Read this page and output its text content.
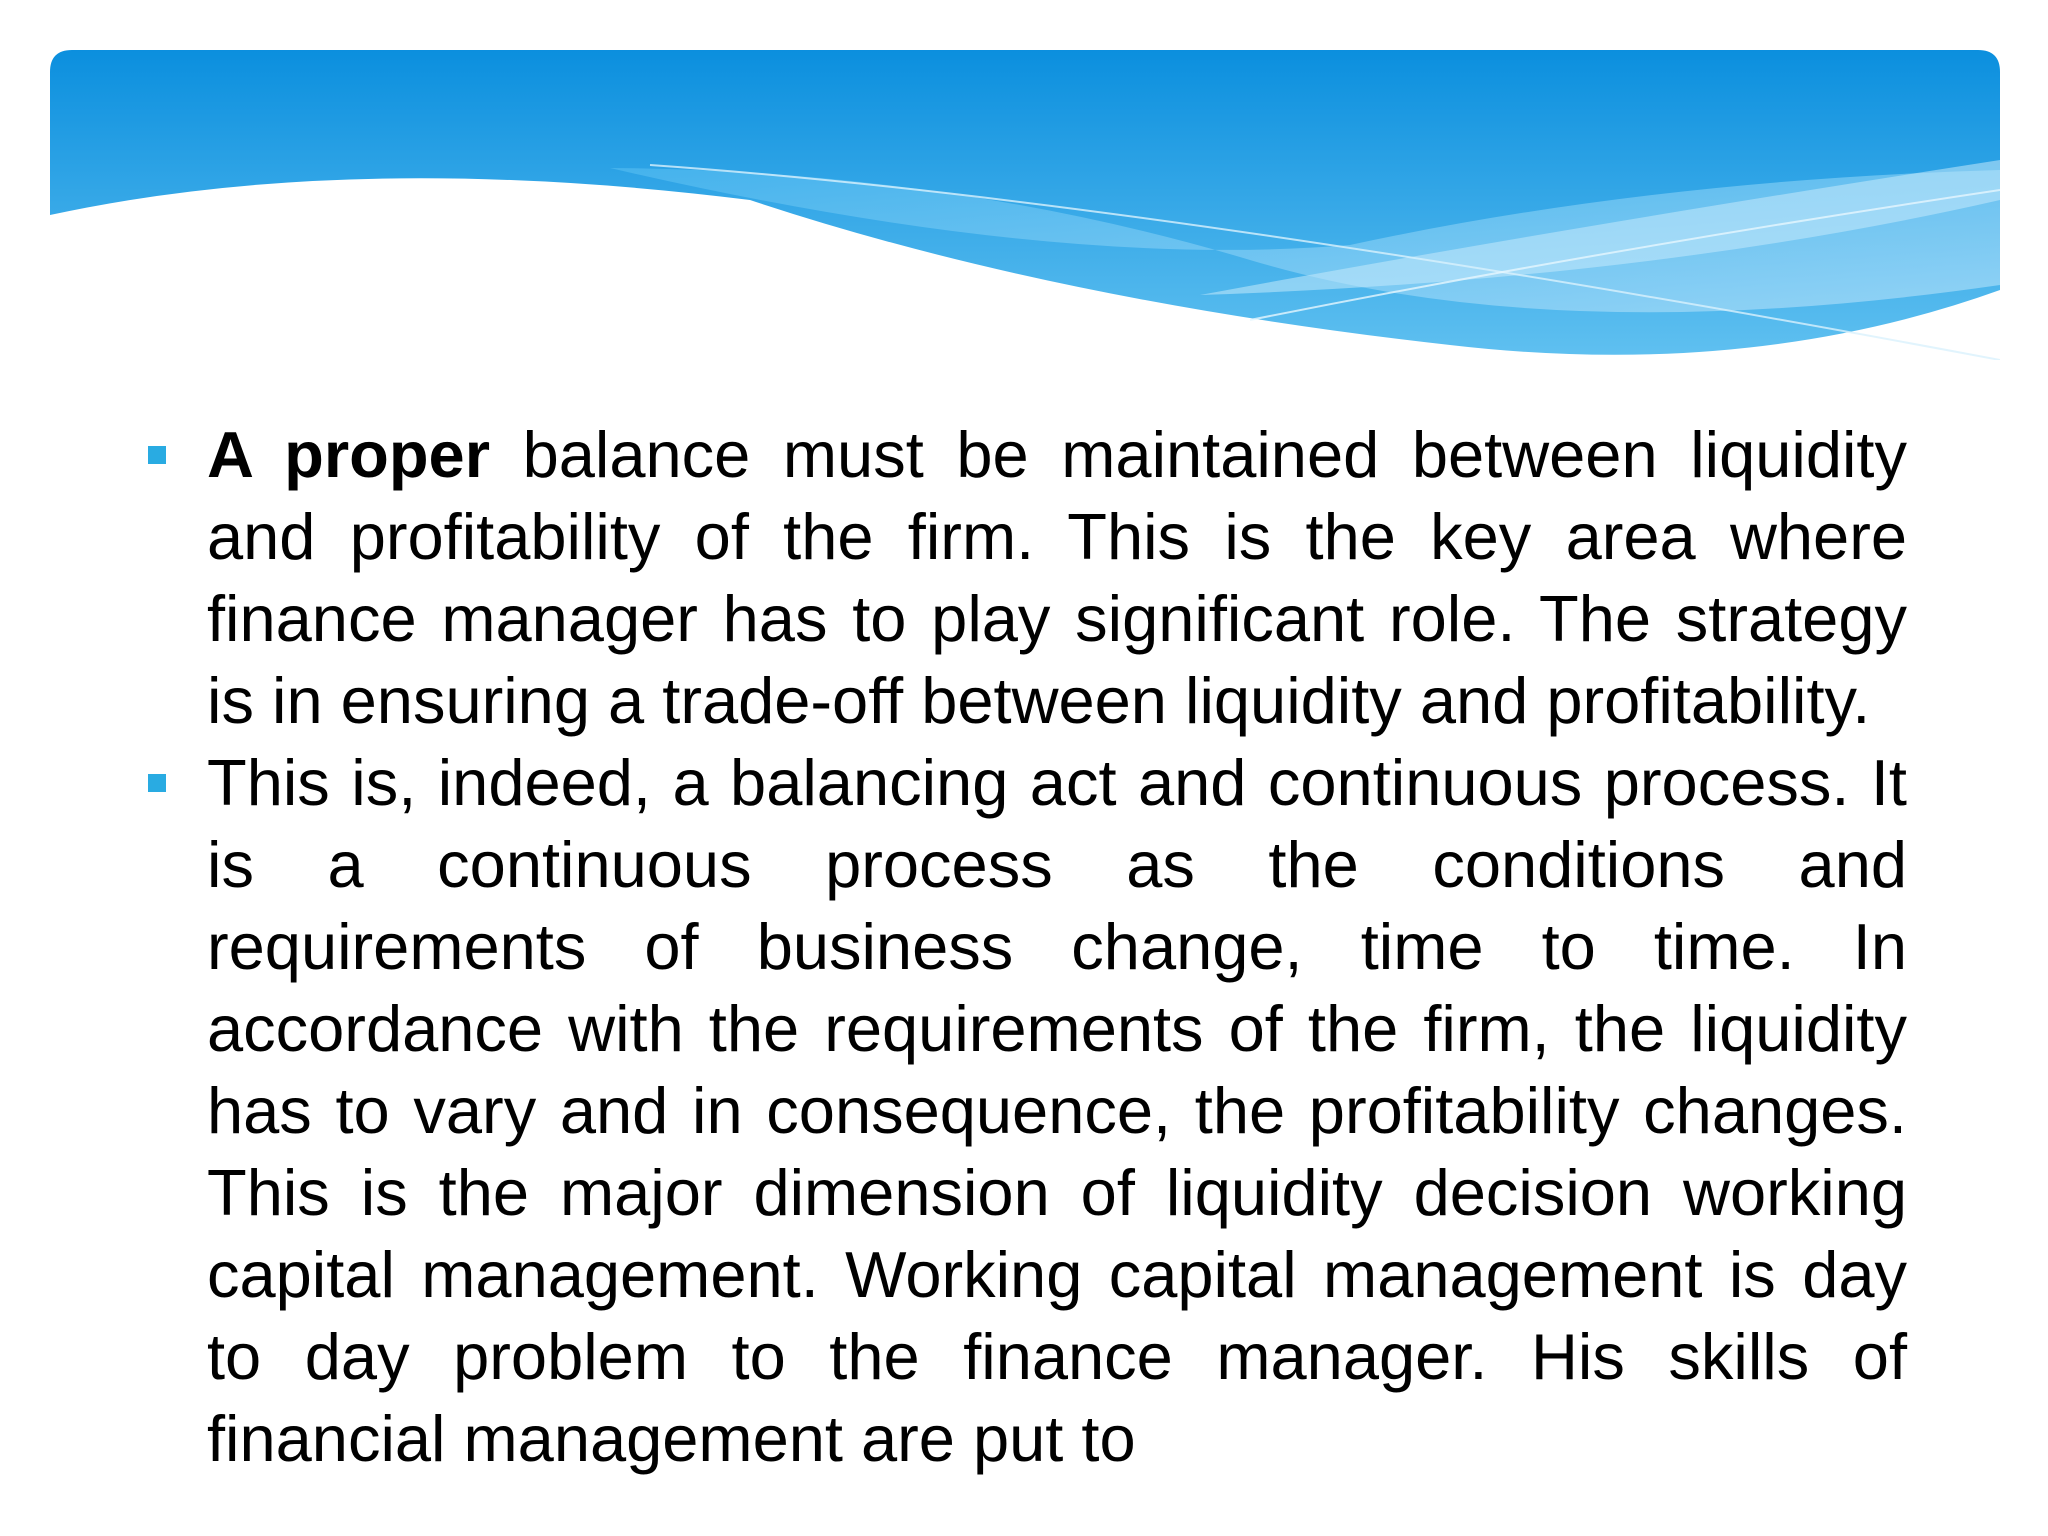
A proper balance must be maintained between liquidity and profitability of the firm. This is the key area where finance manager has to play significant role. The strategy is in ensuring a trade-off between liquidity and profitability.
This is, indeed, a balancing act and continuous process. It is a continuous process as the conditions and requirements of business change, time to time. In accordance with the requirements of the firm, the liquidity has to vary and in consequence, the profitability changes. This is the major dimension of liquidity decision working capital management. Working capital management is day to day problem to the finance manager. His skills of financial management are put to
